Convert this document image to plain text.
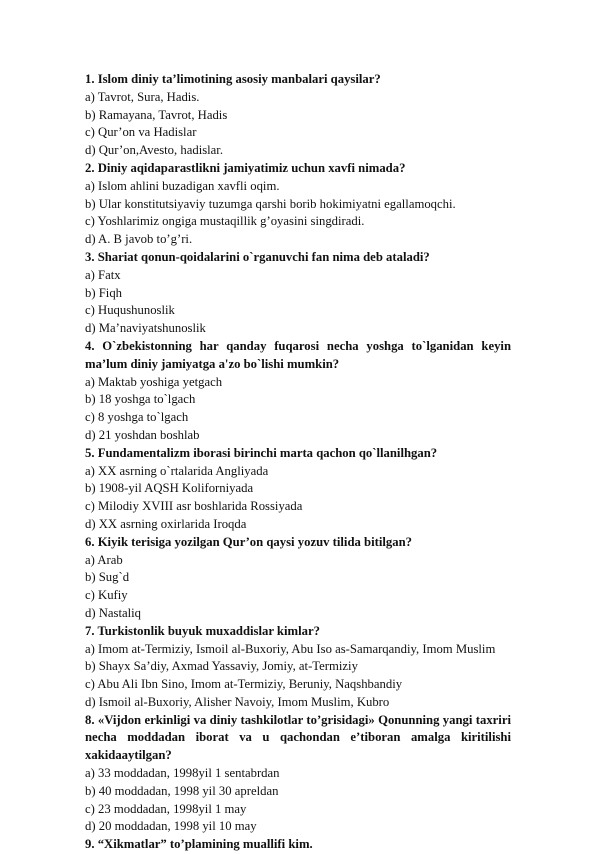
1. Islom diniy ta’limotining asosiy manbalari qaysilar?
a) Tavrot, Sura, Hadis.
b) Ramayana, Tavrot, Hadis
c) Qur’on va Hadislar
d) Qur’on,Avesto, hadislar.
2. Diniy aqidaparastlikni jamiyatimiz uchun xavfi nimada?
a) Islom ahlini buzadigan xavfli oqim.
b) Ular konstitutsiyaviy tuzumga qarshi borib hokimiyatni egallamoqchi.
c) Yoshlarimiz ongiga mustaqillik g’oyasini singdiradi.
d) A. B javob to’g’ri.
3. Shariat qonun-qoidalarini o`rganuvchi fan nima deb ataladi?
a) Fatx
b) Fiqh
c) Huqushunoslik
d) Ma’naviyatshunoslik
4. O`zbekistonning har qanday fuqarosi necha yoshga to`lganidan keyin ma’lum diniy jamiyatga a'zo bo`lishi mumkin?
a) Maktab yoshiga yetgach
b) 18 yoshga to`lgach
c) 8 yoshga to`lgach
d) 21 yoshdan boshlab
5. Fundamentalizm iborasi birinchi marta qachon qo`llanilhgan?
a) XX asrning o`rtalarida Angliyada
b) 1908-yil AQSH Koliforniyada
c) Milodiy XVIII asr boshlarida Rossiyada
d) XX asrning oxirlarida Iroqda
6. Kiyik terisiga yozilgan Qur’on qaysi yozuv tilida bitilgan?
a) Arab
b) Sug`d
c) Kufiy
d) Nastaliq
7. Turkistonlik buyuk muxaddislar kimlar?
a) Imom at-Termiziy, Ismoil al-Buxoriy, Abu Iso as-Samarqandiy, Imom Muslim
b) Shayx Sa’diy, Axmad Yassaviy, Jomiy, at-Termiziy
c) Abu Ali Ibn Sino, Imom at-Termiziy, Beruniy, Naqshbandiy
d) Ismoil al-Buxoriy, Alisher Navoiy, Imom Muslim, Kubro
8. «Vijdon erkinligi va diniy tashkilotlar to’grisidagi» Qonunning yangi taxriri necha moddadan iborat va u qachondan e’tiboran amalga kiritilishi xakidaaytilgan?
a) 33 moddadan, 1998yil 1 sentabrdan
b) 40 moddadan, 1998 yil 30 apreldan
c) 23 moddadan, 1998yil 1 may
d) 20 moddadan, 1998 yil 10 may
9. “Xikmatlar” to’plamining muallifi kim.
